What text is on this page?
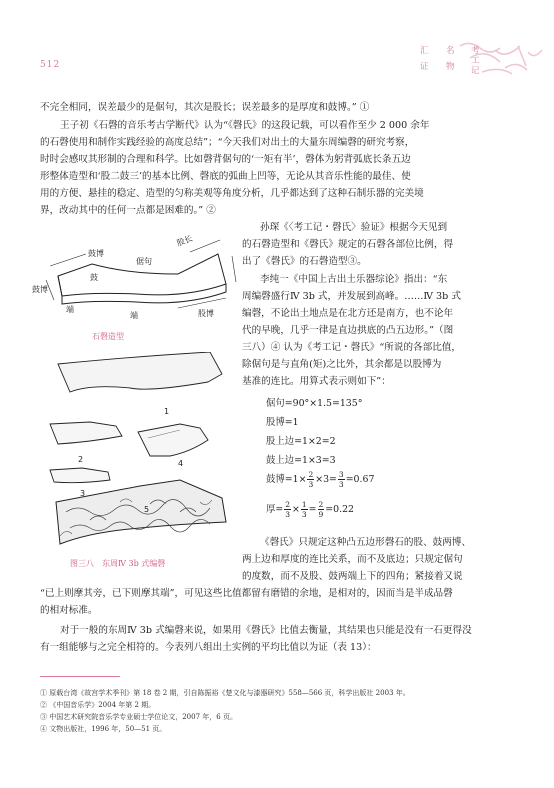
512
汇 名 考
证 物
工
记
不完全相同，误差最少的是倨句，其次是股长；误差最多的是厚度和鼓博。” ①
王子初《石磬的音乐考古学断代》认为“《磬氏》的这段记载，可以看作至少 2 000 余年
的石磬使用和制作实践经验的高度总结”；“今天我们对出土的大量东周编磬的研究考察，
时时会感叹其形制的合理和科学。比如磬背倨句的‘一矩有半’，磬体为躬背弧底长条五边
形整体造型和‘股二鼓三’的基本比例、磬底的弧曲上凹等，无论从其音乐性能的最佳、使
用的方便、悬挂的稳定、造型的匀称美观等角度分析，几乎都达到了这种石制乐器的完美境
界，改动其中的任何一点都是困难的。” ②
鼓博
鼓
倨句
股长
鼓博
端
端	股博
石磬造型
孙琛《〈考工记・磬氏〉验证》根据今天见到
的石磬造型和《磬氏》规定的石磬各部位比例，得
出了《磬氏》的石磬造型③。
李纯一《中国上古出土乐器综论》指出：“东
周编磬盛行Ⅳ 3b 式，并发展到高峰。……Ⅳ 3b 式
编磬，不论出土地点是在北方还是南方，也不论年
代的早晚，几乎一律是直边拱底的凸五边形。”（图
三八）④ 认为《考工记・磬氏》“所说的各部比值，
除倨句是与直角(矩)之比外，其余都是以股博为
基准的连比。用算式表示则如下”：
1
2
3
4
5
图三八　东周Ⅳ 3b 式编磬
倨句=90°×1.5=135°
股博=1
股上边=1×2=2
鼓上边=1×3=3
鼓博$=1\times \frac{2}{3} \times 3= \frac{3}{3} =0.67$
厚= $\frac{2}{3} \times \frac{1}{3} = \frac{2}{9} =0.22$
《磬氏》只规定这种凸五边形磬石的股、鼓两博、
两上边和厚度的连比关系，而不及底边；只规定倨句
的度数，而不及股、鼓两端上下的四角；紧接着又说
“已上则摩其旁，已下则摩其端”，可见这些比值都留有磨错的余地，是相对的，因而当是半成品磬
的相对标准。
对于一般的东周Ⅳ 3b 式编磬来说，如果用《磬氏》比值去衡量，其结果也只能是没有一石更得没
有一组能够与之完全相符的。今表列八组出土实例的平均比值以为证（表 13）：
① 原载台湾《故宫学术季刊》第 18 卷 2 期，引自陈振裕《楚文化与漆器研究》558—566 页，科学出版社 2003 年。
② 《中国音乐学》2004 年第 2 期。
③ 中国艺术研究院音乐学专业硕士学位论文，2007 年，6 页。
④ 文物出版社，1996 年，50—51 页。
